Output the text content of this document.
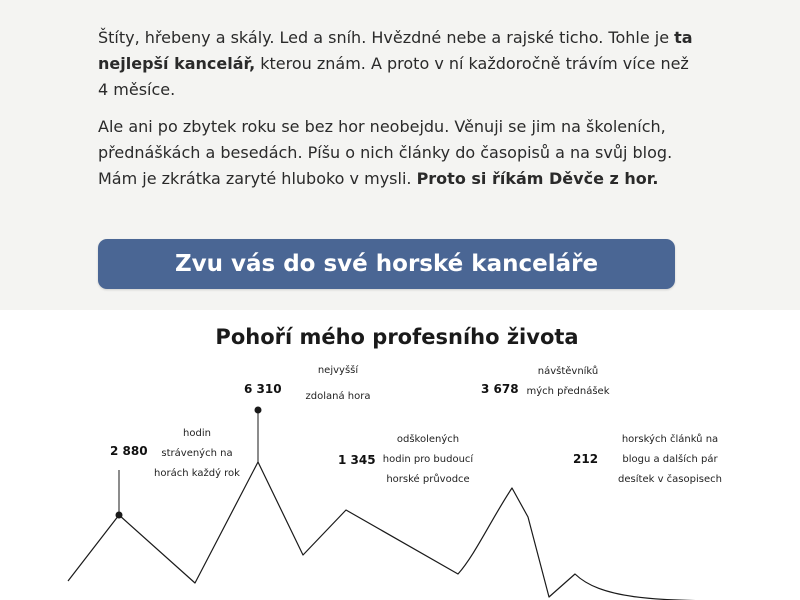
Štíty, hřebeny a skály. Led a sníh. Hvězdné nebe a rajské ticho. Tohle je ta nejlepší kancelář, kterou znám. A proto v ní každoročně trávím více než 4 měsíce.

Ale ani po zbytek roku se bez hor neobejdu. Věnuji se jim na školeních, přednáškách a besedách. Píšu o nich články do časopisů a na svůj blog. Mám je zkrátka zaryté hluboko v mysli. Proto si říkám Děvče z hor.

Zvu vás do své horské kanceláře
Pohoří mého profesního života
2 880
hodin
strávených na
horách každý rok
6 310
nejvyšší
zdolaná hora
1 345
odškolených
hodin pro budoucí
horské průvodce
3 678
návštěvníků
mých přednášek
212
horských článků na
blogu a dalších pár
desítek v časopisech
